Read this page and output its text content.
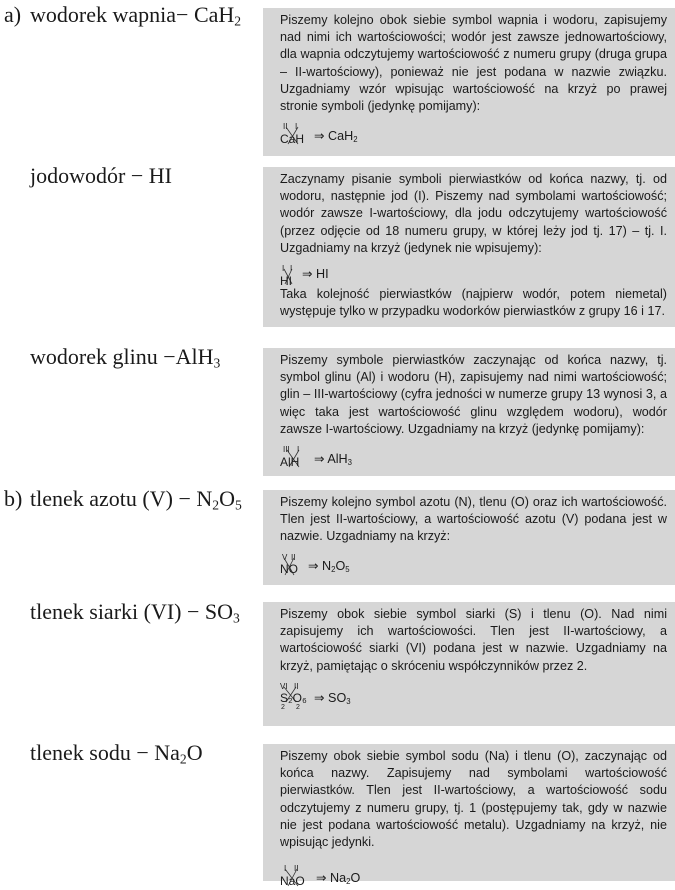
a) wodorek wapnia− CaH$_2$	Piszemy kolejno obok siebie symbol wapnia i wodoru, zapisujemy nad nimi ich wartościowości; wodór jest zawsze jednowartościowy, dla wapnia odczytujemy wartościowość z numeru grupy (druga grupa – II-wartościowy), ponieważ nie jest podana w nazwie związku. Uzgadniamy wzór wpisując wartościowość na krzyż po prawej stronie symboli (jedynkę pomijamy):

II I
CaH ⇒ CaH$_2$
jodowodór − HI	Zaczynamy pisanie symboli pierwiastków od końca nazwy, tj. od wodoru, następnie jod (I). Piszemy nad symbolami wartościowość; wodór zawsze I-wartościowy, dla jodu odczytujemy wartościowość (przez odjęcie od 18 numeru grupy, w której leży jod tj. 17) – tj. I. Uzgadniamy na krzyż (jedynek nie wpisujemy):

I I
HI ⇒ HI

Taka kolejność pierwiastków (najpierw wodór, potem niemetal) występuje tylko w przypadku wodorków pierwiastków z grupy 16 i 17.

wodorek glinu −AlH$_3$	Piszemy symbole pierwiastków zaczynając od końca nazwy, tj. symbol glinu (Al) i wodoru (H), zapisujemy nad nimi wartościowość; glin – III-wartościowy (cyfra jedności w numerze grupy 13 wynosi 3, a więc taka jest wartościowość glinu względem wodoru), wodór zawsze I-wartościowy. Uzgadniamy na krzyż (jedynkę pomijamy):

III I
AlH ⇒ AlH$_3$
b) tlenek azotu $(V) - N_2O_5$	Piszemy kolejno symbol azotu (N), tlenu (O) oraz ich wartościowość. Tlen jest II-wartościowy, a wartościowość azotu (V) podana jest w nazwie. Uzgadniamy na krzyż:

V II
NO ⇒ $N_2O_5$
tlenek siarki $(VI) - SO_3$	Piszemy obok siebie symbol siarki (S) i tlenu (O). Nad nimi zapisujemy ich wartościowości. Tlen jest II-wartościowy, a wartościowość siarki (VI) podana jest w nazwie. Uzgadniamy na krzyż, pamiętając o skróceniu współczynników przez 2.

VI II
S₂O₆
2 2
⇒ $SO_3$
tlenek sodu − $Na_2O$	Piszemy obok siebie symbol sodu (Na) i tlenu (O), zaczynając od końca nazwy. Zapisujemy nad symbolami wartościowość pierwiastków. Tlen jest II-wartościowy, a wartościowość sodu odczytujemy z numeru grupy, tj. 1 (postępujemy tak, gdy w nazwie nie jest podana wartościowość metalu). Uzgadniamy na krzyż, nie wpisując jedynki.

I II
NaO ⇒ $Na_2O$
